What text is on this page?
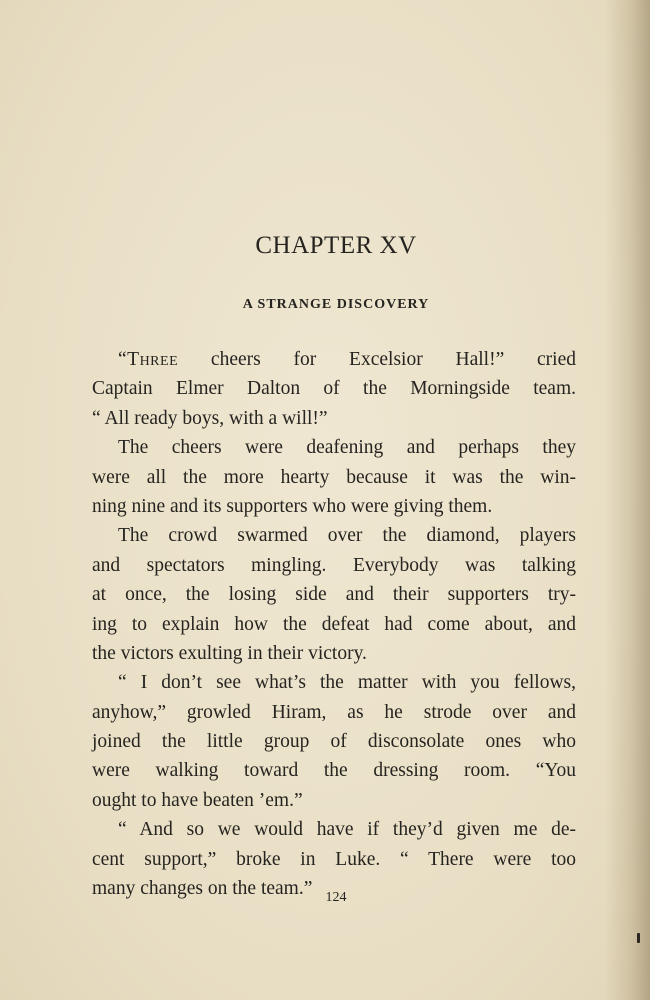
CHAPTER XV
A STRANGE DISCOVERY
“Three cheers for Excelsior Hall!” cried
Captain Elmer Dalton of the Morningside team.
“ All ready boys, with a will!”
The cheers were deafening and perhaps they
were all the more hearty because it was the win-
ning nine and its supporters who were giving them.
The crowd swarmed over the diamond, players
and spectators mingling. Everybody was talking
at once, the losing side and their supporters try-
ing to explain how the defeat had come about, and
the victors exulting in their victory.
“ I don’t see what’s the matter with you fellows,
anyhow,” growled Hiram, as he strode over and
joined the little group of disconsolate ones who
were walking toward the dressing room. “You
ought to have beaten ’em.”
“ And so we would have if they’d given me de-
cent support,” broke in Luke. “ There were too
many changes on the team.” 124
